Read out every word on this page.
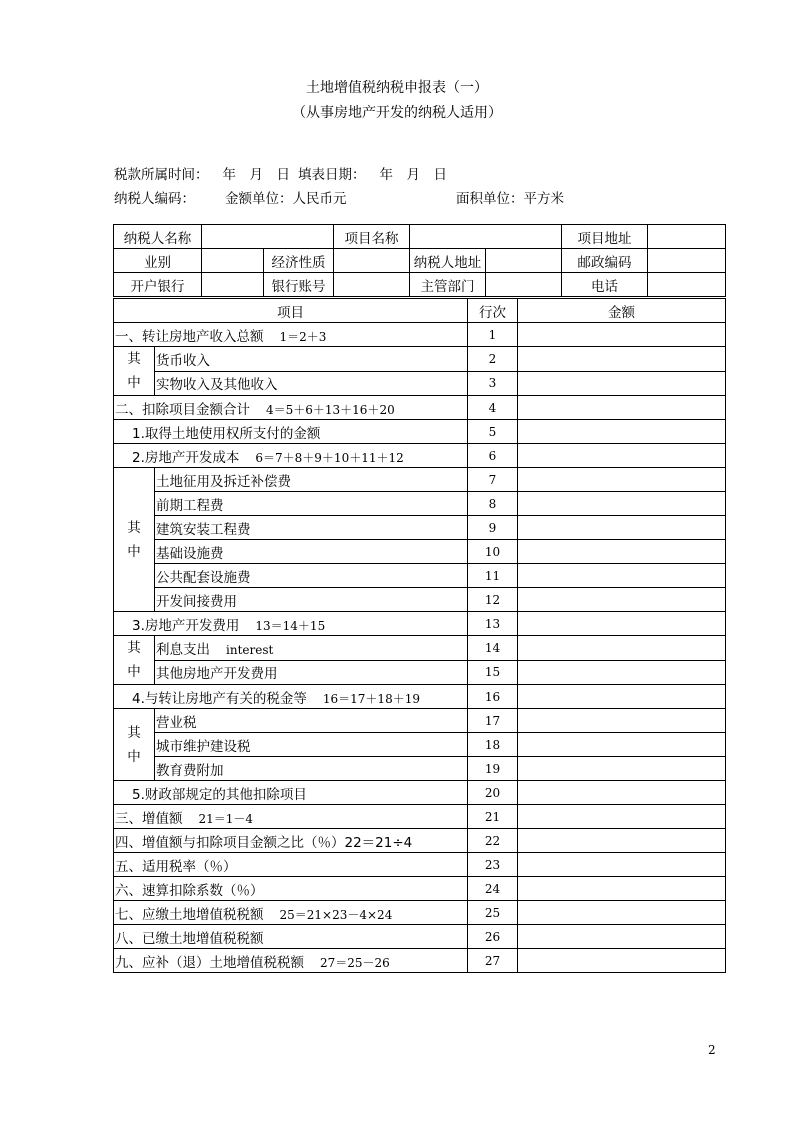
土地增值税纳税申报表（一）
（从事房地产开发的纳税人适用）
税款所属时间： 年　月　日 填表日期： 年　月　日
纳税人编码： 金额单位：人民币元	面积单位：平方米
纳税人名称			项目名称			项目地址	
业别		经济性质		纳税人地址		邮政编码	
开户银行		银行账号		主管部门		电话	
项目		行次	金额
一、转让房地产收入总额 1＝2＋3		1	
其
中	货币收入	2	
	实物收入及其他收入	3	
二、扣除项目金额合计 4＝5＋6＋13＋16＋20		4	
1.取得土地使用权所支付的金额		5	
2.房地产开发成本 6＝7＋8＋9＋10＋11＋12		6	
其
中	土地征用及拆迁补偿费	7	
	前期工程费	8	
	建筑安装工程费	9	
	基础设施费	10	
	公共配套设施费	11	
	开发间接费用	12	
3.房地产开发费用 13＝14＋15		13	
其
中	利息支出 interest	14	
	其他房地产开发费用	15	
4.与转让房地产有关的税金等 16＝17＋18＋19		16	
其
中	营业税	17	
	城市维护建设税	18	
	教育费附加	19	
5.财政部规定的其他扣除项目		20	
三、增值额 21＝1－4		21	
四、增值额与扣除项目金额之比（％）22＝21÷4		22	
五、适用税率（％）		23	
六、速算扣除系数（％）		24	
七、应缴土地增值税税额 25＝21×23－4×24		25	
八、已缴土地增值税税额		26	
九、应补（退）土地增值税税额 27＝25－26		27	
2
